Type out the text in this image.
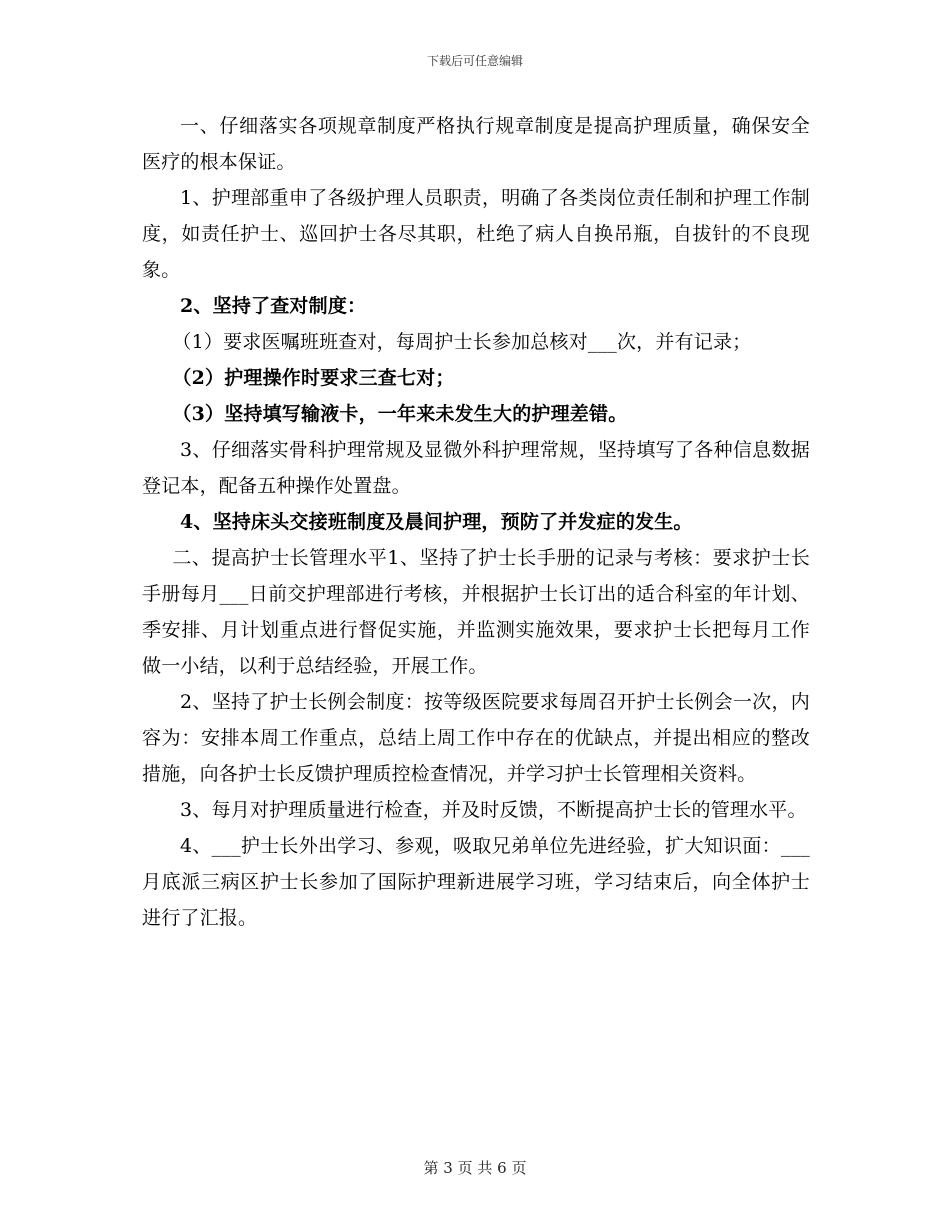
下载后可任意编辑

一、仔细落实各项规章制度严格执行规章制度是提高护理质量，确保安全医疗的根本保证。

1、护理部重申了各级护理人员职责，明确了各类岗位责任制和护理工作制度，如责任护士、巡回护士各尽其职，杜绝了病人自换吊瓶，自拔针的不良现象。

2、坚持了查对制度：

（1）要求医嘱班班查对，每周护士长参加总核对___次，并有记录；

（2）护理操作时要求三查七对；

（3）坚持填写输液卡，一年来未发生大的护理差错。

3、仔细落实骨科护理常规及显微外科护理常规，坚持填写了各种信息数据登记本，配备五种操作处置盘。

4、坚持床头交接班制度及晨间护理，预防了并发症的发生。

二、提高护士长管理水平1、坚持了护士长手册的记录与考核：要求护士长手册每月___日前交护理部进行考核，并根据护士长订出的适合科室的年计划、季安排、月计划重点进行督促实施，并监测实施效果，要求护士长把每月工作做一小结，以利于总结经验，开展工作。

2、坚持了护士长例会制度：按等级医院要求每周召开护士长例会一次，内容为：安排本周工作重点，总结上周工作中存在的优缺点，并提出相应的整改措施，向各护士长反馈护理质控检查情况，并学习护士长管理相关资料。

3、每月对护理质量进行检查，并及时反馈，不断提高护士长的管理水平。

4、___护士长外出学习、参观，吸取兄弟单位先进经验，扩大知识面：___月底派三病区护士长参加了国际护理新进展学习班，学习结束后，向全体护士进行了汇报。

第 3 页 共 6 页
